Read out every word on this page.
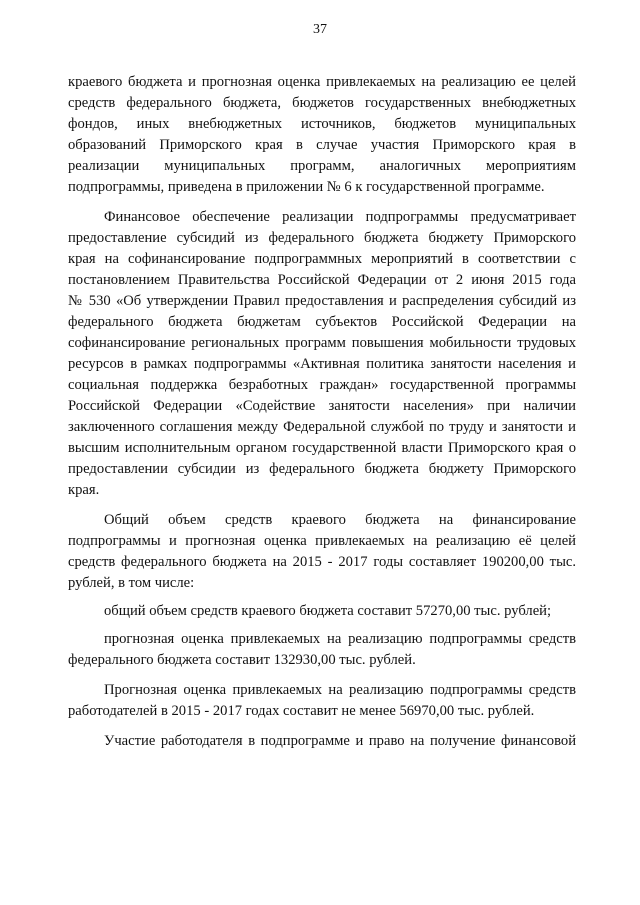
37
краевого бюджета и прогнозная оценка привлекаемых на реализацию ее целей
средств федерального бюджета, бюджетов государственных внебюджетных
фондов, иных внебюджетных источников, бюджетов муниципальных
образований Приморского края в случае участия Приморского края в
реализации муниципальных программ, аналогичных мероприятиям
подпрограммы, приведена в приложении № 6 к государственной программе.
Финансовое обеспечение реализации подпрограммы предусматривает
предоставление субсидий из федерального бюджета бюджету Приморского
края на софинансирование подпрограммных мероприятий в соответствии с
постановлением Правительства Российской Федерации от 2 июня 2015 года
№ 530 «Об утверждении Правил предоставления и распределения субсидий из
федерального бюджета бюджетам субъектов Российской Федерации на
софинансирование региональных программ повышения мобильности трудовых
ресурсов в рамках подпрограммы «Активная политика занятости населения и
социальная поддержка безработных граждан» государственной программы
Российской Федерации «Содействие занятости населения» при наличии
заключенного соглашения между Федеральной службой по труду и занятости и
высшим исполнительным органом государственной власти Приморского края о
предоставлении субсидии из федерального бюджета бюджету Приморского
края.
Общий объем средств краевого бюджета на финансирование
подпрограммы и прогнозная оценка привлекаемых на реализацию её целей
средств федерального бюджета на 2015 - 2017 годы составляет 190200,00 тыс.
рублей, в том числе:
общий объем средств краевого бюджета составит 57270,00 тыс. рублей;
прогнозная оценка привлекаемых на реализацию подпрограммы средств
федерального бюджета составит 132930,00 тыс. рублей.
Прогнозная оценка привлекаемых на реализацию подпрограммы средств
работодателей в 2015 - 2017 годах составит не менее 56970,00 тыс. рублей.
Участие работодателя в подпрограмме и право на получение финансовой
